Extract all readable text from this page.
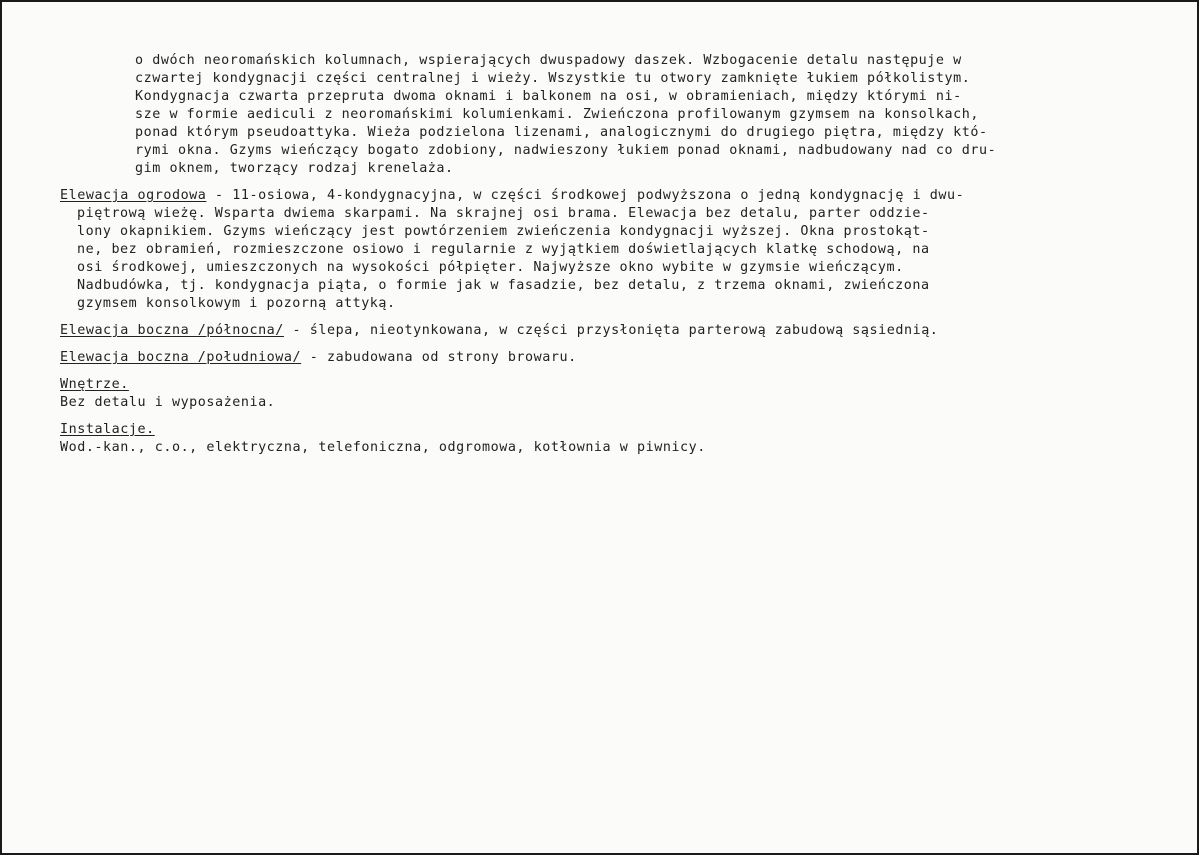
o dwóch neoromańskich kolumnach, wspierających dwuspadowy daszek. Wzbogacenie detalu następuje w
czwartej kondygnacji części centralnej i wieży. Wszystkie tu otwory zamknięte łukiem półkolistym.
Kondygnacja czwarta przepruta dwoma oknami i balkonem na osi, w obramieniach, między którymi ni-
sze w formie aediculi z neoromańskimi kolumienkami. Zwieńczona profilowanym gzymsem na konsolkach,
ponad którym pseudoattyka. Wieża podzielona lizenami, analogicznymi do drugiego piętra, między któ-
rymi okna. Gzyms wieńczący bogato zdobiony, nadwieszony łukiem ponad oknami, nadbudowany nad co dru-
gim oknem, tworzący rodzaj krenelaża.
Elewacja ogrodowa - 11-osiowa, 4-kondygnacyjna, w części środkowej podwyższona o jedną kondygnację i dwu-
piętrową wieżę. Wsparta dwiema skarpami. Na skrajnej osi brama. Elewacja bez detalu, parter oddzie-
lony okapnikiem. Gzyms wieńczący jest powtórzeniem zwieńczenia kondygnacji wyższej. Okna prostokąt-
ne, bez obramień, rozmieszczone osiowo i regularnie z wyjątkiem doświetlających klatkę schodową, na
osi środkowej, umieszczonych na wysokości półpięter. Najwyższe okno wybite w gzymsie wieńczącym.
Nadbudówka, tj. kondygnacja piąta, o formie jak w fasadzie, bez detalu, z trzema oknami, zwieńczona
gzymsem konsolkowym i pozorną attyką.
Elewacja boczna /północna/ - ślepa, nieotynkowana, w części przysłonięta parterową zabudową sąsiednią.
Elewacja boczna /południowa/ - zabudowana od strony browaru.
Wnętrze.
Bez detalu i wyposażenia.
Instalacje.
Wod.-kan., c.o., elektryczna, telefoniczna, odgromowa, kotłownia w piwnicy.
